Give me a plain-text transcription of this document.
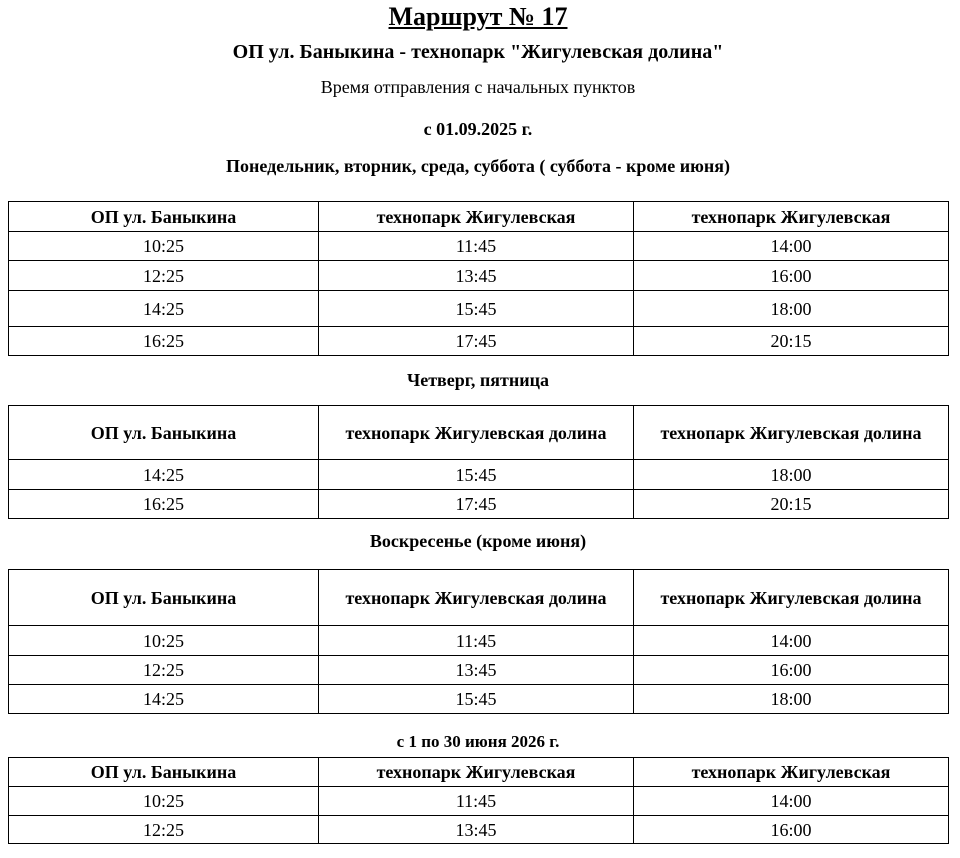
Маршрут № 17
ОП ул. Баныкина - технопарк "Жигулевская долина"
Время отправления с начальных пунктов
с 01.09.2025 г.
Понедельник, вторник, среда, суббота ( суббота - кроме июня)
ОП ул. Баныкина	технопарк Жигулевская	технопарк Жигулевская
10:25	11:45	14:00
12:25	13:45	16:00
14:25	15:45	18:00
16:25	17:45	20:15
Четверг, пятница
ОП ул. Баныкина	технопарк Жигулевская долина	технопарк Жигулевская долина
14:25	15:45	18:00
16:25	17:45	20:15
Воскресенье (кроме июня)
ОП ул. Баныкина	технопарк Жигулевская долина	технопарк Жигулевская долина
10:25	11:45	14:00
12:25	13:45	16:00
14:25	15:45	18:00
с 1 по 30 июня 2026 г.
ОП ул. Баныкина	технопарк Жигулевская	технопарк Жигулевская
10:25	11:45	14:00
12:25	13:45	16:00
